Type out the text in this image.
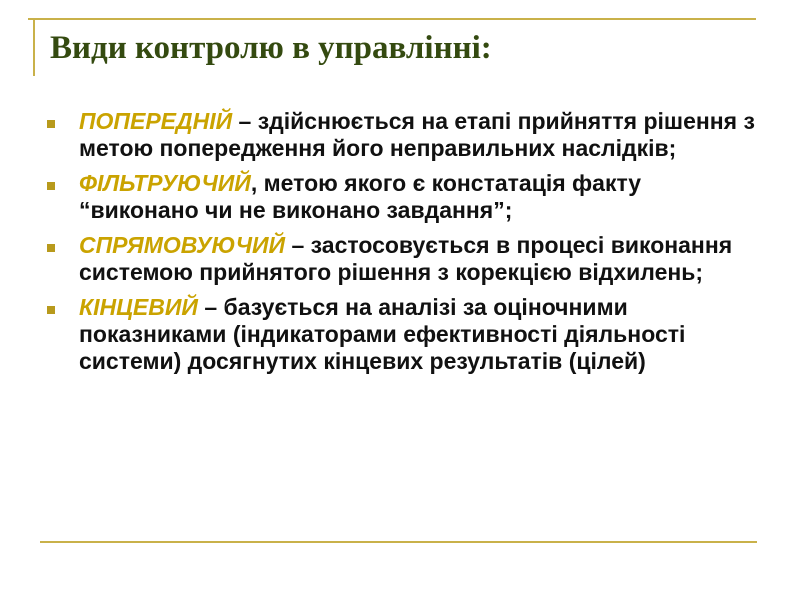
Види контролю в управлінні:
ПОПЕРЕДНІЙ – здійснюється на етапі прийняття рішення з метою попередження його неправильних наслідків;
ФІЛЬТРУЮЧИЙ, метою якого є констатація факту “виконано чи не виконано завдання”;
СПРЯМОВУЮЧИЙ – застосовується в процесі виконання системою прийнятого рішення з корекцією відхилень;
КІНЦЕВИЙ – базується на аналізі за оціночними показниками (індикаторами ефективності діяльності системи) досягнутих кінцевих результатів (цілей)
